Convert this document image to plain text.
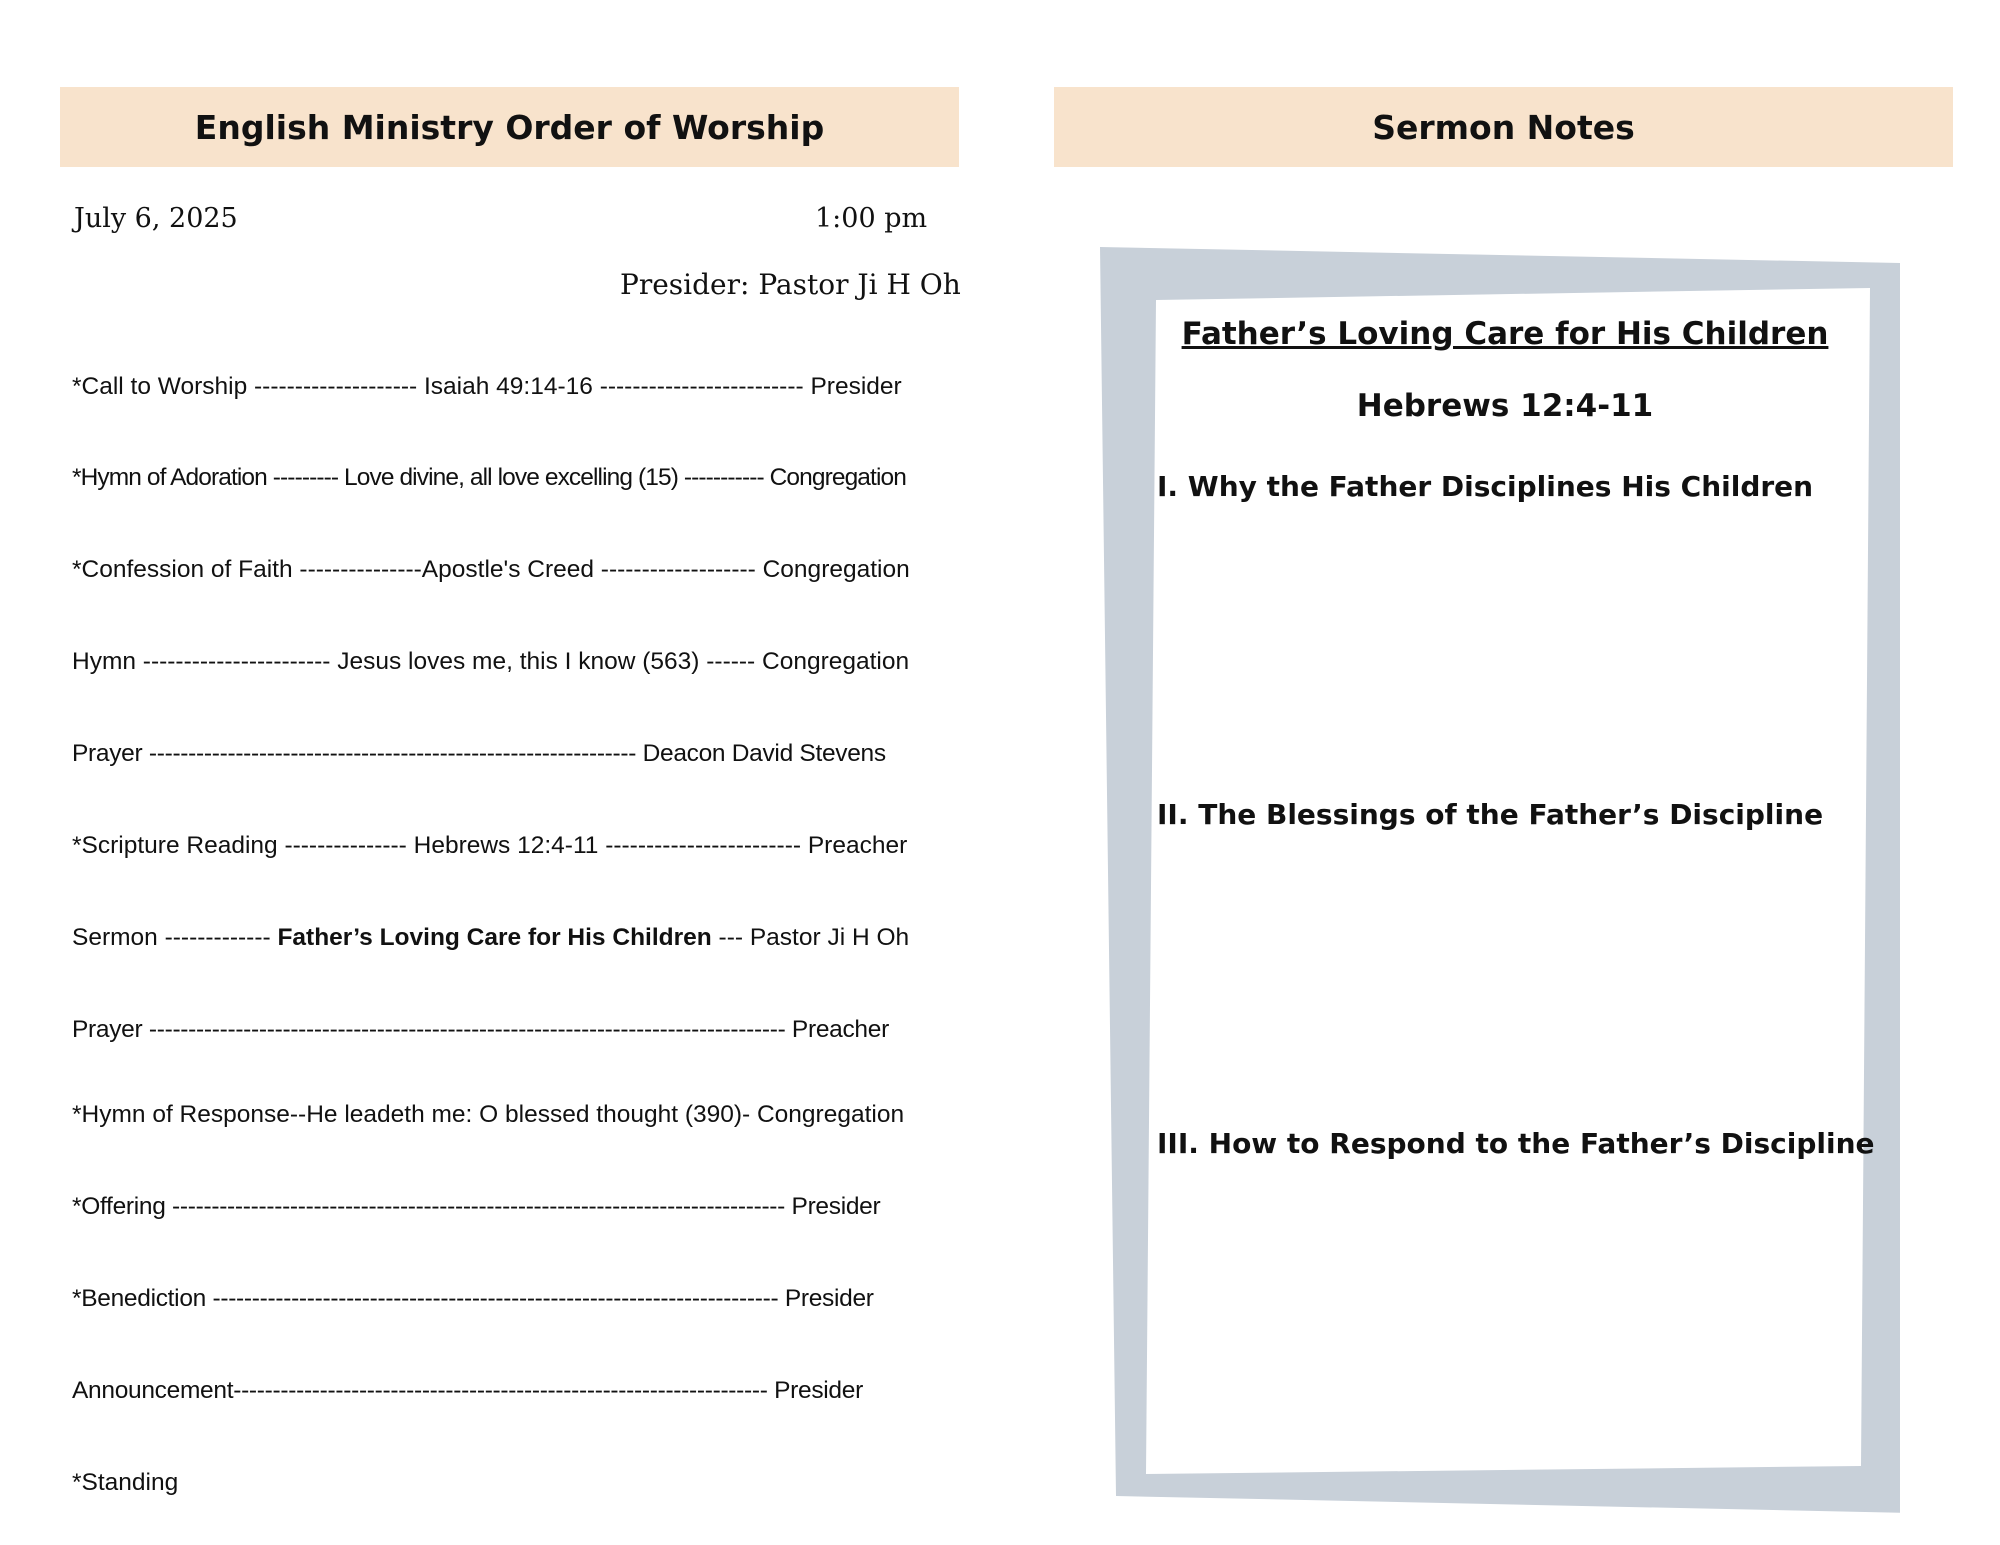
English Ministry Order of Worship
July 6, 2025	1:00 pm
Presider: Pastor Ji H Oh
*Call to Worship -------------------- Isaiah 49:14-16 ------------------------- Presider
*Hymn of Adoration --------- Love divine, all love excelling (15) ----------- Congregation
*Confession of Faith ---------------Apostle's Creed ------------------- Congregation
Hymn ----------------------- Jesus loves me, this I know (563) ------ Congregation
Prayer -------------------------------------------------------------- Deacon David Stevens
*Scripture Reading --------------- Hebrews 12:4-11 ------------------------ Preacher
Sermon ------------- Father’s Loving Care for His Children --- Pastor Ji H Oh
Prayer --------------------------------------------------------------------------------- Preacher
*Hymn of Response--He leadeth me: O blessed thought (390)- Congregation
*Offering ------------------------------------------------------------------------------ Presider
*Benediction ------------------------------------------------------------------------ Presider
Announcement-------------------------------------------------------------------- Presider
*Standing
Sermon Notes
Father’s Loving Care for His Children
Hebrews 12:4-11
I. Why the Father Disciplines His Children
II. The Blessings of the Father’s Discipline
III. How to Respond to the Father’s Discipline
